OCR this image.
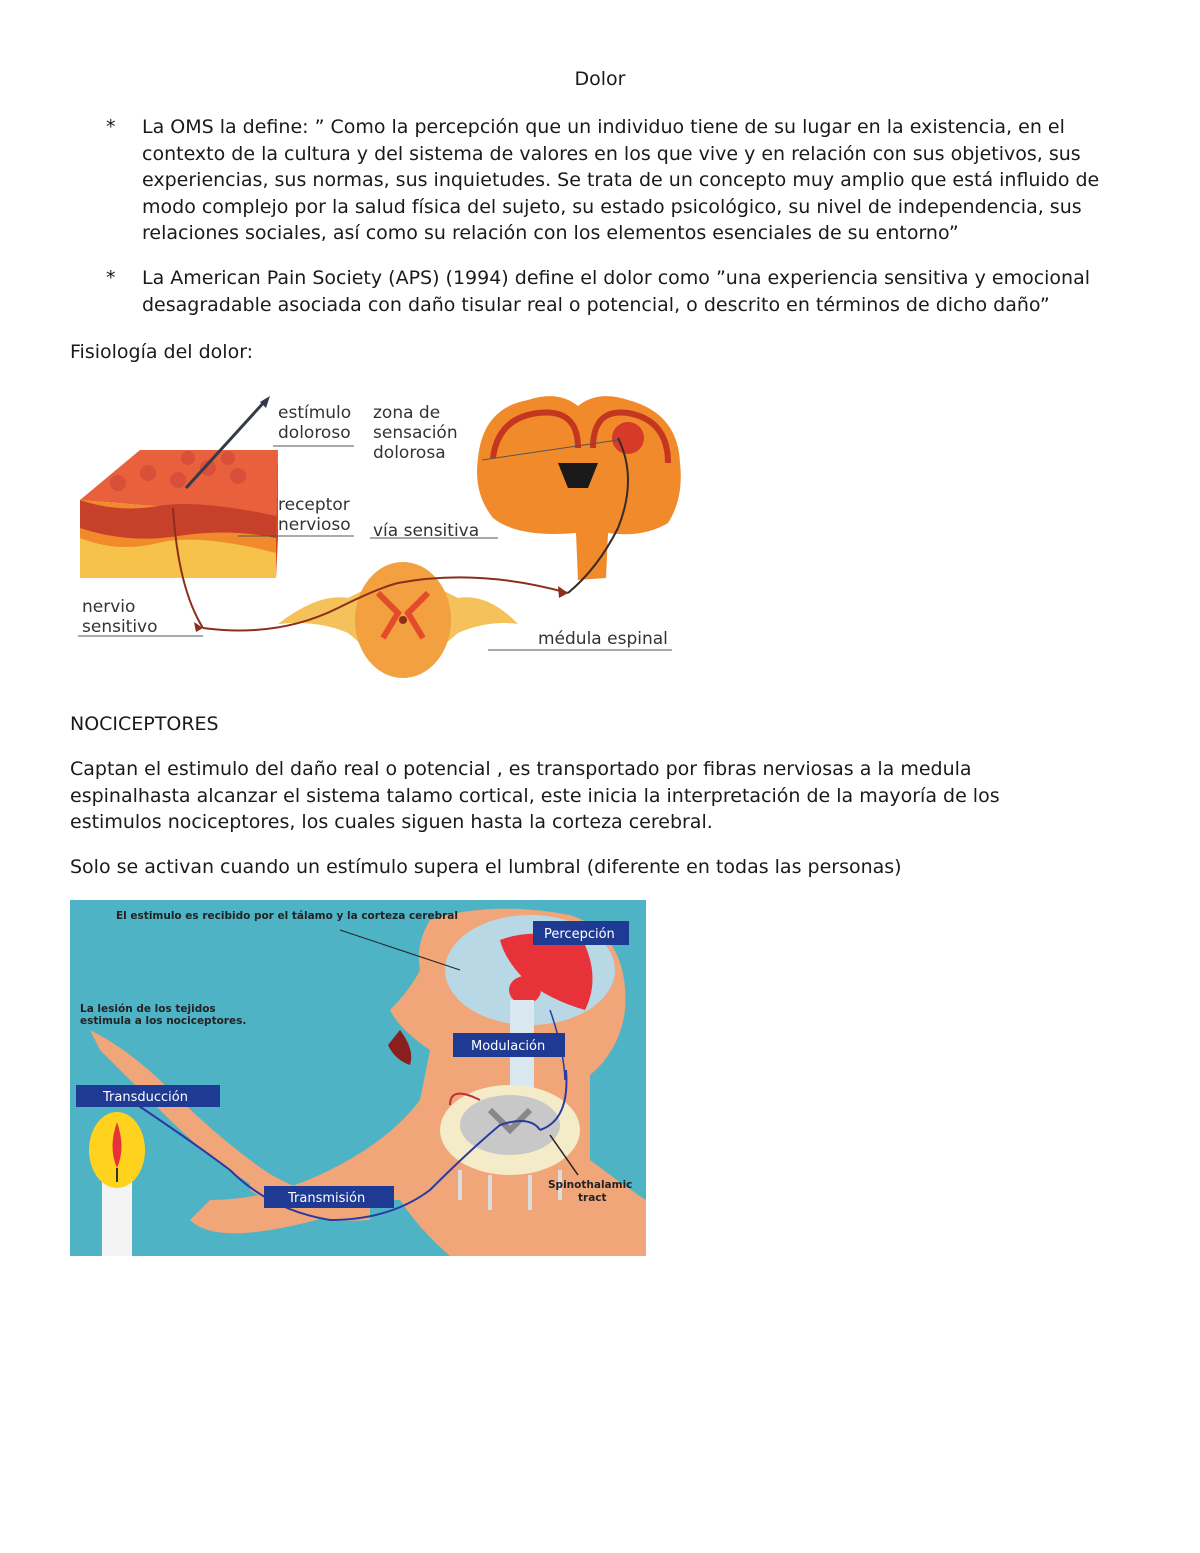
Dolor
*	La OMS la define: ” Como la percepción que un individuo tiene de su lugar en la existencia, en el contexto de la cultura y del sistema de valores en los que vive y en relación con sus objetivos, sus experiencias, sus normas, sus inquietudes. Se trata de un concepto muy amplio que está influido de modo complejo por la salud física del sujeto, su estado psicológico, su nivel de independencia, sus relaciones sociales, así como su relación con los elementos esenciales de su entorno”
*	La American Pain Society (APS) (1994) define el dolor como ”una experiencia sensitiva y emocional desagradable asociada con daño tisular real o potencial, o descrito en términos de dicho daño”
Fisiología del dolor:
estímulo
doloroso
zona de
sensación
dolorosa
receptor
nervioso vía sensitiva
nervio
sensitivo
médula espinal
NOCICEPTORES
Captan el estimulo del daño real o potencial , es transportado por fibras nerviosas a la medula espinalhasta alcanzar el sistema talamo cortical, este inicia la interpretación de la mayoría de los estimulos nociceptores, los cuales siguen hasta la corteza cerebral.
Solo se activan cuando un estímulo supera el lumbral (diferente en todas las personas)
El estimulo es recibido por el tálamo y la corteza cerebral
La lesión de los tejidos
estimula a los nociceptores.
Percepción
Modulación
Transducción
Transmisión
Spinothalamic
tract
